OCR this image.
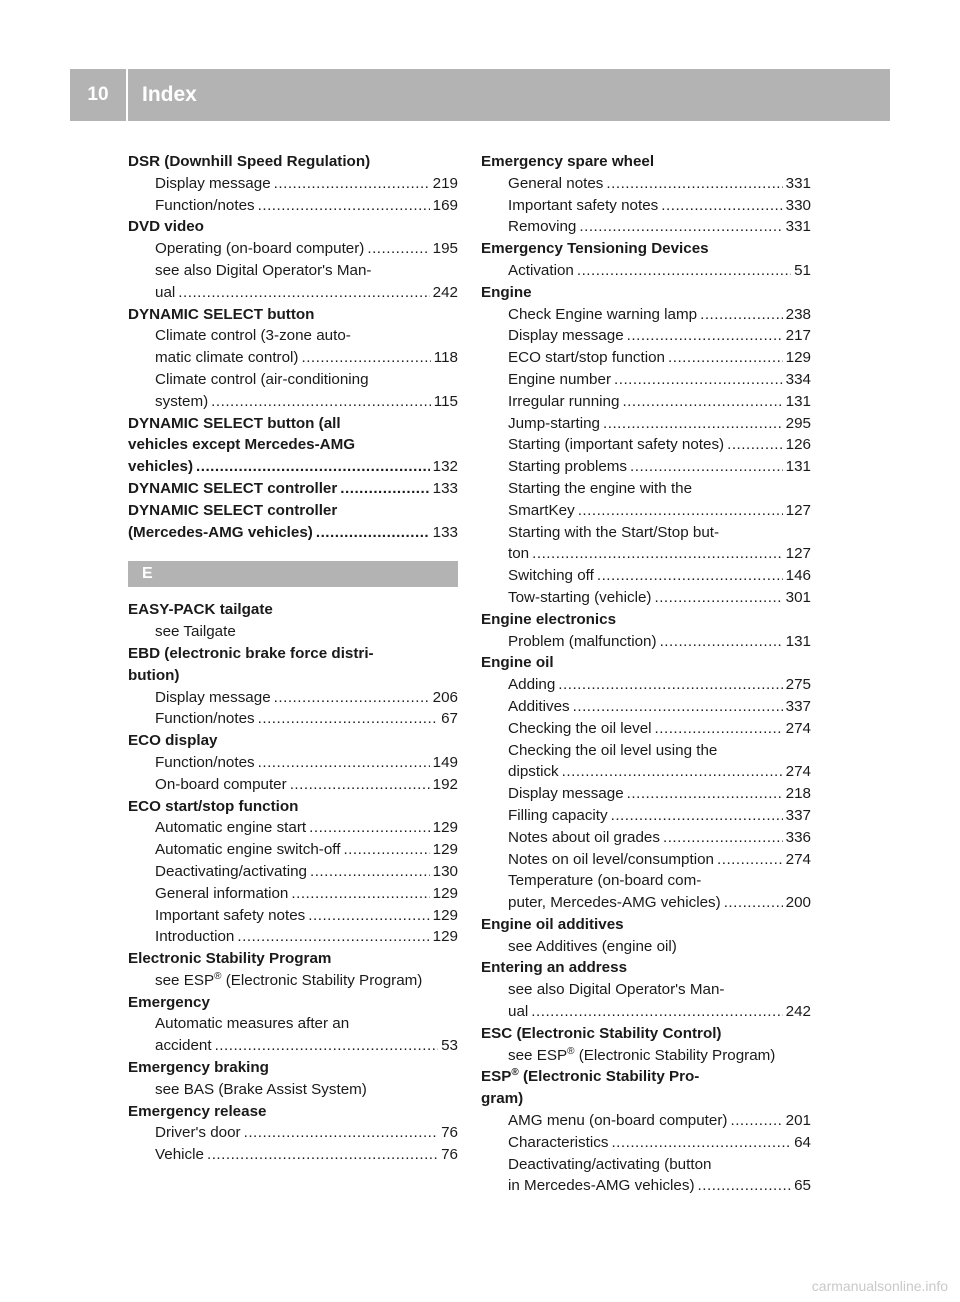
10	Index
DSR (Downhill Speed Regulation)
Display message .....	219
Function/notes .....	169
DVD video
Operating (on-board computer) .....	195
see also Digital Operator's Man-
ual .....	242
DYNAMIC SELECT button
Climate control (3-zone auto-
matic climate control) .....	118
Climate control (air-conditioning
system) .....	115
DYNAMIC SELECT button (all
vehicles except Mercedes-AMG
vehicles) .....	132
DYNAMIC SELECT controller .....	133
DYNAMIC SELECT controller
(Mercedes-AMG vehicles) .....	133
E
EASY-PACK tailgate
see Tailgate
EBD (electronic brake force distri-
bution)
Display message .....	206
Function/notes .....	67
ECO display
Function/notes .....	149
On-board computer .....	192
ECO start/stop function
Automatic engine start .....	129
Automatic engine switch-off .....	129
Deactivating/activating .....	130
General information .....	129
Important safety notes .....	129
Introduction .....	129
Electronic Stability Program
see ESP® (Electronic Stability Program)
Emergency
Automatic measures after an
accident .....	53
Emergency braking
see BAS (Brake Assist System)
Emergency release
Driver's door .....	76
Vehicle .....	76
Emergency spare wheel
General notes .....	331
Important safety notes .....	330
Removing .....	331
Emergency Tensioning Devices
Activation .....	51
Engine
Check Engine warning lamp .....	238
Display message .....	217
ECO start/stop function .....	129
Engine number .....	334
Irregular running .....	131
Jump-starting .....	295
Starting (important safety notes) .....	126
Starting problems .....	131
Starting the engine with the
SmartKey .....	127
Starting with the Start/Stop but-
ton .....	127
Switching off .....	146
Tow-starting (vehicle) .....	301
Engine electronics
Problem (malfunction) .....	131
Engine oil
Adding .....	275
Additives .....	337
Checking the oil level .....	274
Checking the oil level using the
dipstick .....	274
Display message .....	218
Filling capacity .....	337
Notes about oil grades .....	336
Notes on oil level/consumption .....	274
Temperature (on-board com-
puter, Mercedes-AMG vehicles) .....	200
Engine oil additives
see Additives (engine oil)
Entering an address
see also Digital Operator's Man-
ual .....	242
ESC (Electronic Stability Control)
see ESP® (Electronic Stability Program)
ESP® (Electronic Stability Pro-
gram)
AMG menu (on-board computer) .....	201
Characteristics .....	64
Deactivating/activating (button
in Mercedes-AMG vehicles) .....	65
carmanualsonline.info
